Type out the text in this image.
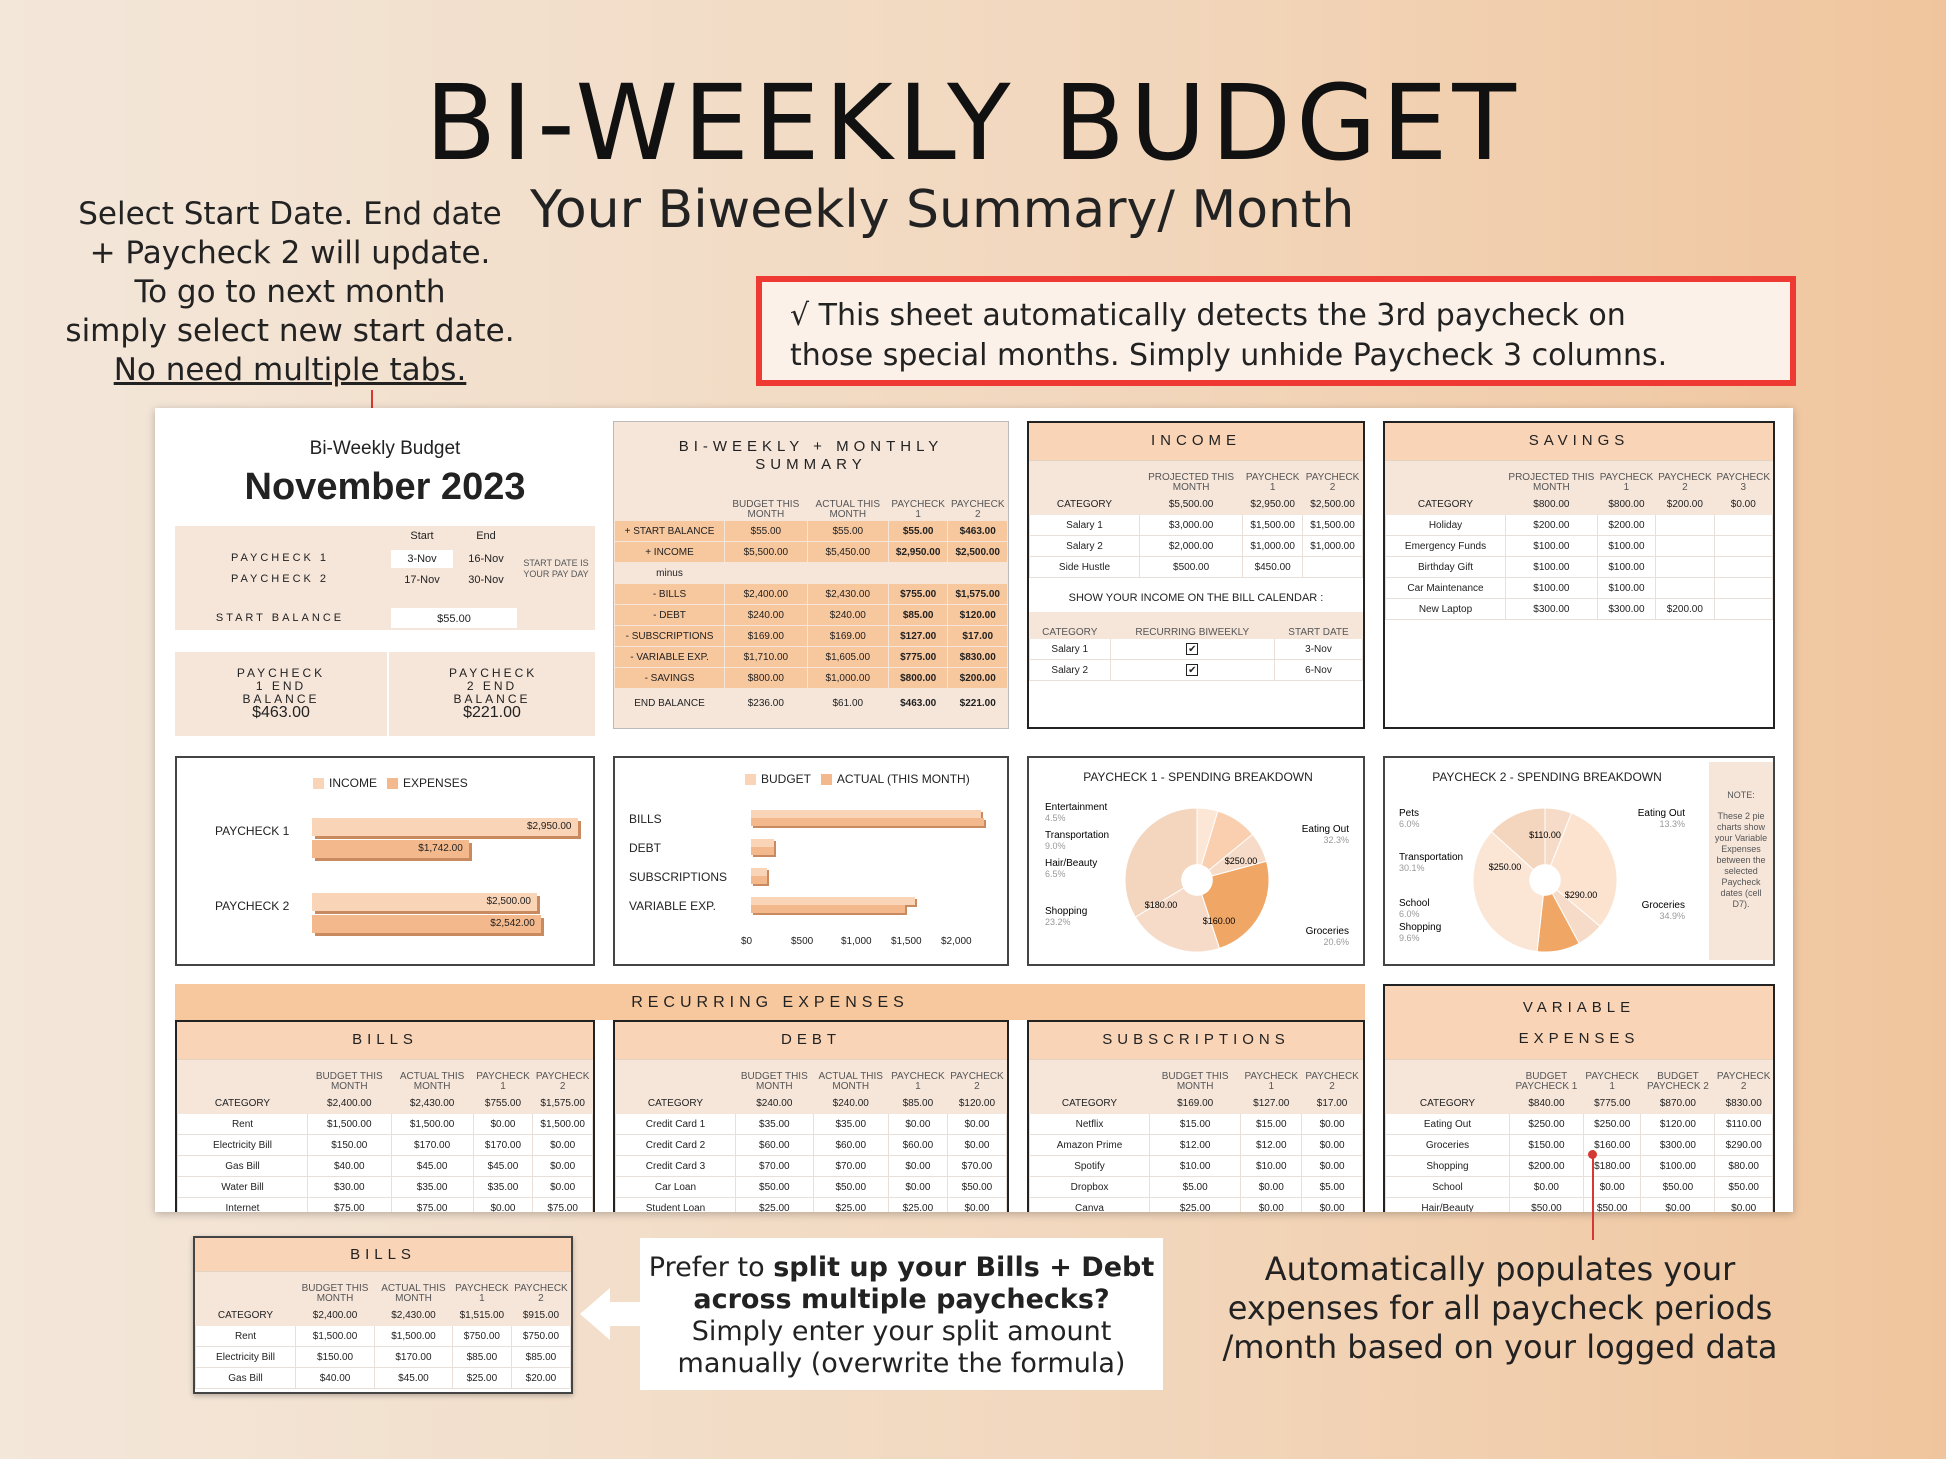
BI-WEEKLY BUDGET
Your Biweekly Summary/ Month
Select Start Date. End date
+ Paycheck 2 will update.
To go to next month
simply select new start date.
No need multiple tabs.
√ This sheet automatically detects the 3rd paycheck on
those special months. Simply unhide Paycheck 3 columns.
Bi-Weekly Budget
November 2023
Start	End
PAYCHECK 1	3-Nov	16-Nov
PAYCHECK 2	17-Nov	30-Nov
START DATE IS YOUR PAY DAY
START BALANCE	$55.00
PAYCHECK 1 END BALANCE
$463.00
PAYCHECK 2 END BALANCE
$221.00
BI-WEEKLY + MONTHLY SUMMARY
	BUDGET THIS MONTH	ACTUAL THIS MONTH	PAYCHECK 1	PAYCHECK 2
+ START BALANCE	$55.00	$55.00	$55.00	$463.00
+ INCOME	$5,500.00	$5,450.00	$2,950.00	$2,500.00
minus				
- BILLS	$2,400.00	$2,430.00	$755.00	$1,575.00
- DEBT	$240.00	$240.00	$85.00	$120.00
- SUBSCRIPTIONS	$169.00	$169.00	$127.00	$17.00
- VARIABLE EXP.	$1,710.00	$1,605.00	$775.00	$830.00
- SAVINGS	$800.00	$1,000.00	$800.00	$200.00
END BALANCE	$236.00	$61.00	$463.00	$221.00
INCOME
	PROJECTED THIS MONTH	PAYCHECK 1	PAYCHECK 2
CATEGORY	$5,500.00	$2,950.00	$2,500.00
Salary 1	$3,000.00	$1,500.00	$1,500.00
Salary 2	$2,000.00	$1,000.00	$1,000.00
Side Hustle	$500.00	$450.00	
SHOW YOUR INCOME ON THE BILL CALENDAR :
CATEGORY	RECURRING BIWEEKLY	START DATE
Salary 1	✔	3-Nov
Salary 2	✔	6-Nov
SAVINGS
	PROJECTED THIS MONTH	PAYCHECK 1	PAYCHECK 2	PAYCHECK 3
CATEGORY	$800.00	$800.00	$200.00	$0.00
Holiday	$200.00	$200.00		
Emergency Funds	$100.00	$100.00		
Birthday Gift	$100.00	$100.00		
Car Maintenance	$100.00	$100.00		
New Laptop	$300.00	$300.00	$200.00	
INCOME EXPENSES
PAYCHECK 1	$2,950.00
$1,742.00
PAYCHECK 2	$2,500.00
$2,542.00
BUDGET ACTUAL (THIS MONTH)
BILLS
DEBT
SUBSCRIPTIONS
VARIABLE EXP.
$0	$500	$1,000 $1,500 $2,000
PAYCHECK 1 - SPENDING BREAKDOWN
Entertainment
4.5%
Transportation
9.0%
Hair/Beauty
6.5%
Shopping
23.2%
Groceries
20.6%
Eating Out
32.3%
$250.00
$180.00
$160.00
PAYCHECK 2 - SPENDING BREAKDOWN
Pets
6.0%
Transportation
30.1%
School
6.0%
Shopping
9.6%
Groceries
34.9%
Eating Out
13.3%
$110.00
$250.00
$290.00
NOTE:
These 2 pie charts show your Variable Expenses between the selected Paycheck dates (cell D7).
RECURRING EXPENSES
BILLS
	BUDGET THIS MONTH	ACTUAL THIS MONTH	PAYCHECK 1	PAYCHECK 2
CATEGORY	$2,400.00	$2,430.00	$755.00	$1,575.00
Rent	$1,500.00	$1,500.00	$0.00	$1,500.00
Electricity Bill	$150.00	$170.00	$170.00	$0.00
Gas Bill	$40.00	$45.00	$45.00	$0.00
Water Bill	$30.00	$35.00	$35.00	$0.00
Internet	$75.00	$75.00	$0.00	$75.00
DEBT
	BUDGET THIS MONTH	ACTUAL THIS MONTH	PAYCHECK 1	PAYCHECK 2
CATEGORY	$240.00	$240.00	$85.00	$120.00
Credit Card 1	$35.00	$35.00	$0.00	$0.00
Credit Card 2	$60.00	$60.00	$60.00	$0.00
Credit Card 3	$70.00	$70.00	$0.00	$70.00
Car Loan	$50.00	$50.00	$0.00	$50.00
Student Loan	$25.00	$25.00	$25.00	$0.00
SUBSCRIPTIONS
	BUDGET THIS MONTH	PAYCHECK 1	PAYCHECK 2
CATEGORY	$169.00	$127.00	$17.00
Netflix	$15.00	$15.00	$0.00
Amazon Prime	$12.00	$12.00	$0.00
Spotify	$10.00	$10.00	$0.00
Dropbox	$5.00	$0.00	$5.00
Canva	$25.00	$0.00	$0.00
VARIABLE
EXPENSES
	BUDGET PAYCHECK 1	PAYCHECK 1	BUDGET PAYCHECK 2	PAYCHECK 2
CATEGORY	$840.00	$775.00	$870.00	$830.00
Eating Out	$250.00	$250.00	$120.00	$110.00
Groceries	$150.00	$160.00	$300.00	$290.00
Shopping	$200.00	$180.00	$100.00	$80.00
School	$0.00	$0.00	$50.00	$50.00
Hair/Beauty	$50.00	$50.00	$0.00	$0.00
BILLS
	BUDGET THIS MONTH	ACTUAL THIS MONTH	PAYCHECK 1	PAYCHECK 2
CATEGORY	$2,400.00	$2,430.00	$1,515.00	$915.00
Rent	$1,500.00	$1,500.00	$750.00	$750.00
Electricity Bill	$150.00	$170.00	$85.00	$85.00
Gas Bill	$40.00	$45.00	$25.00	$20.00
Prefer to split up your Bills + Debt
across multiple paychecks?
Simply enter your split amount
manually (overwrite the formula)
Automatically populates your
expenses for all paycheck periods
/month based on your logged data
